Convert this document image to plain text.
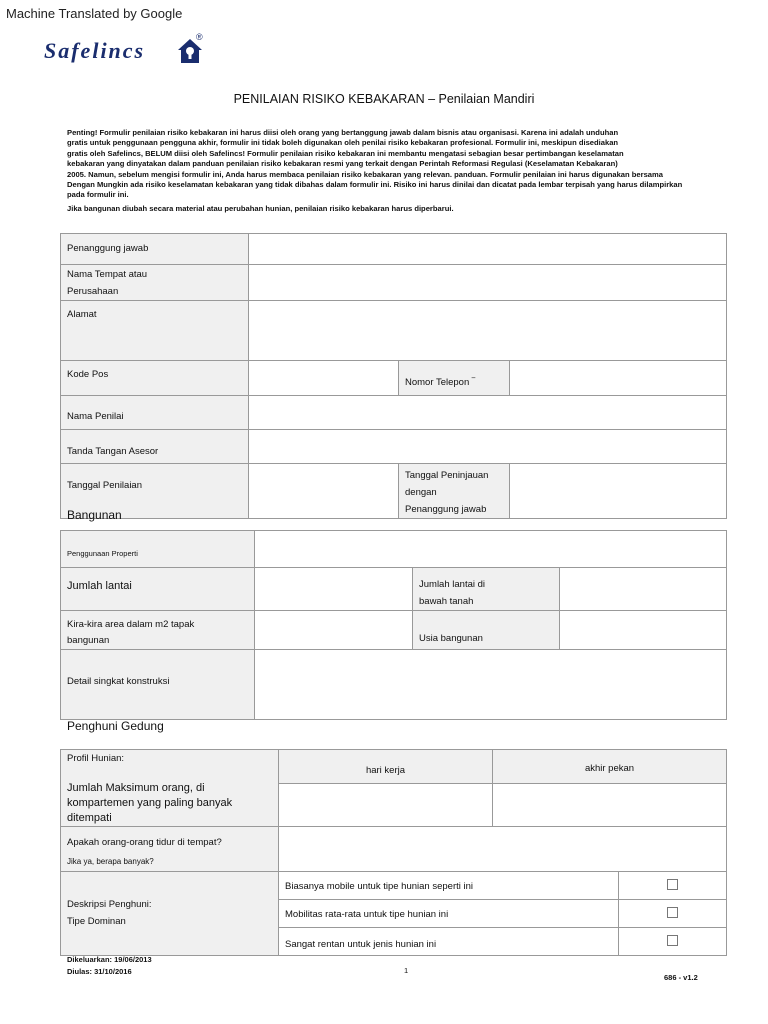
Machine Translated by Google
Safelincs
®
PENILAIAN RISIKO KEBAKARAN – Penilaian Mandiri

Penting! Formulir penilaian risiko kebakaran ini harus diisi oleh orang yang bertanggung jawab dalam bisnis atau organisasi. Karena ini adalah unduhan

gratis untuk penggunaan pengguna akhir, formulir ini tidak boleh digunakan oleh penilai risiko kebakaran profesional. Formulir ini, meskipun disediakan

gratis oleh Safelincs, BELUM diisi oleh Safelincs! Formulir penilaian risiko kebakaran ini membantu mengatasi sebagian besar pertimbangan keselamatan

kebakaran yang dinyatakan dalam panduan penilaian risiko kebakaran resmi yang terkait dengan Perintah Reformasi Regulasi (Keselamatan Kebakaran)

2005. Namun, sebelum mengisi formulir ini, Anda harus membaca penilaian risiko kebakaran yang relevan. panduan. Formulir penilaian ini harus digunakan bersama

Dengan Mungkin ada risiko keselamatan kebakaran yang tidak dibahas dalam formulir ini. Risiko ini harus dinilai dan dicatat pada lembar terpisah yang harus dilampirkan

pada formulir ini.

Jika bangunan diubah secara material atau perubahan hunian, penilaian risiko kebakaran harus diperbarui.

Penanggung jawab			

Nama Tempat atau
Perusahaan			

Alamat			

Kode Pos		Nomor Telepon ‾	

Nama Penilai			

Tanda Tangan Asesor			

Tanggal Penilaian		Tanggal Peninjauan dengan
Penanggung jawab	

Bangunan
Penggunaan Properti			

Jumlah lantai		Jumlah lantai di
bawah tanah	

Kira-kira area dalam m2 tapak
bangunan		Usia bangunan	

Detail singkat konstruksi			

Penghuni Gedung
Profil Hunian:
Jumlah Maksimum orang, di
kompartemen yang paling banyak ditempati	hari kerja	akhir pekan	

Apakah orang-orang tidur di tempat?
Jika ya, berapa banyak?			

Deskripsi Penghuni:
Tipe Dominan	Biasanya mobile untuk tipe hunian seperti ini		

	Mobilitas rata-rata untuk tipe hunian ini		

	Sangat rentan untuk jenis hunian ini		

Dikeluarkan: 19/06/2013
Diulas: 31/10/2016	1
686 - v1.2
